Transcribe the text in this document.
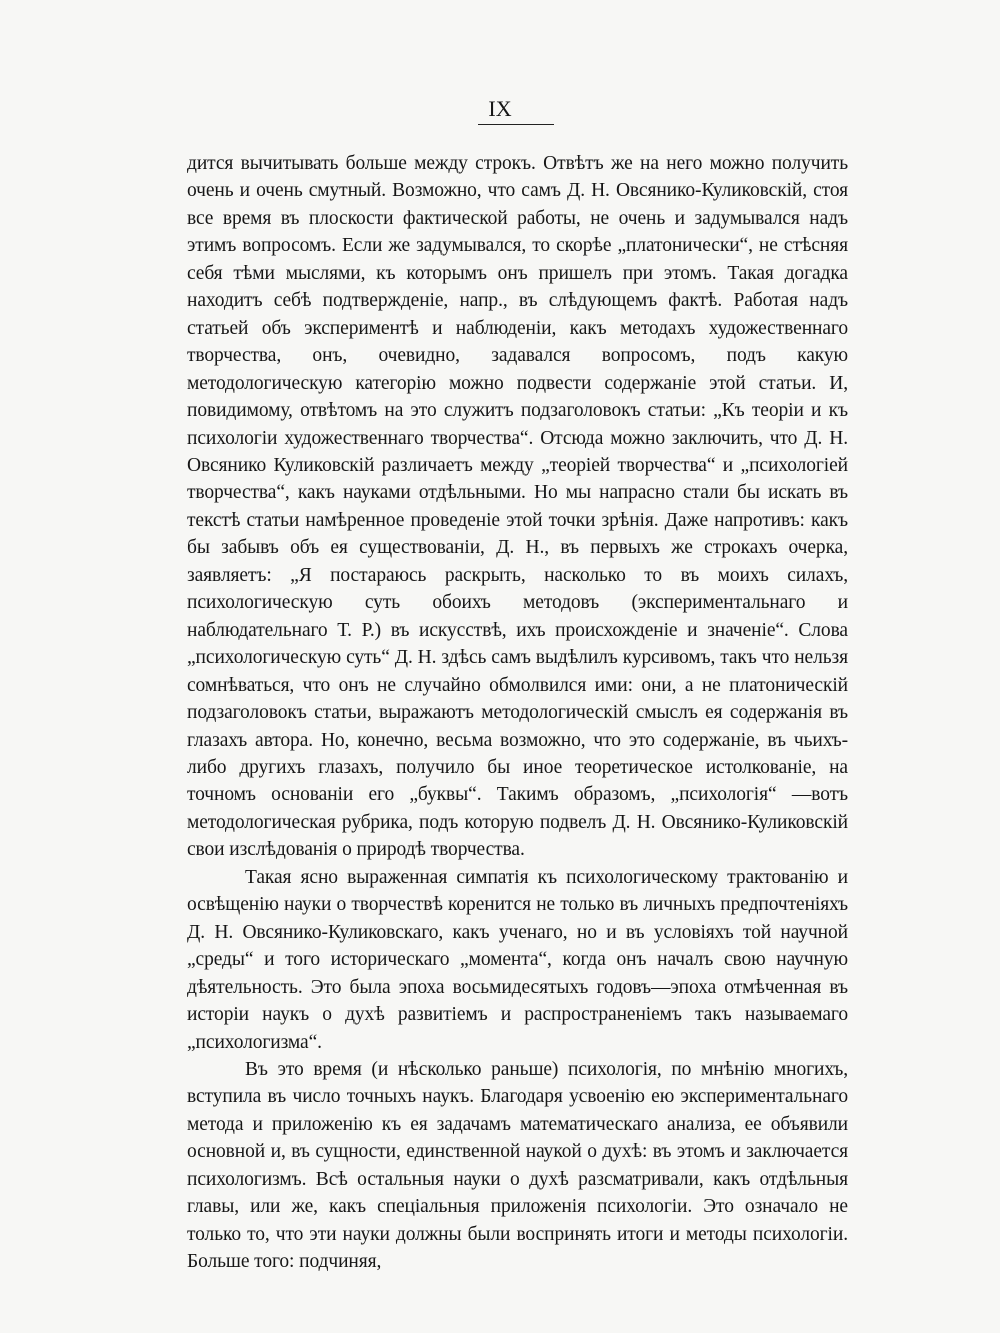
IX

дится вычитывать больше между строкъ. Отвѣтъ же на него можно получить очень и очень смутный. Возможно, что самъ Д. Н. Овсянико-Куликовскій, стоя все время въ плоскости фактической работы, не очень и задумывался надъ этимъ вопросомъ. Если же задумывался, то скорѣе „платонически“, не стѣсняя себя тѣми мыслями, къ которымъ онъ пришелъ при этомъ. Такая догадка находитъ себѣ подтвержденіе, напр., въ слѣдующемъ фактѣ. Работая надъ статьей объ экспериментѣ и наблюденіи, какъ методахъ художественнаго творчества, онъ, очевидно, задавался вопросомъ, подъ какую методологическую категорію можно подвести содержаніе этой статьи. И, повидимому, отвѣтомъ на это служитъ подзаголовокъ статьи: „Къ теоріи и къ психологіи художественнаго творчества“. Отсюда можно заключить, что Д. Н. Овсянико Куликовскій различаетъ между „теоріей творчества“ и „психологіей творчества“, какъ науками отдѣльными. Но мы напрасно стали бы искать въ текстѣ статьи намѣренное проведеніе этой точки зрѣнія. Даже напротивъ: какъ бы забывъ объ ея существованіи, Д. Н., въ первыхъ же строкахъ очерка, заявляетъ: „Я постараюсь раскрыть, насколько то въ моихъ силахъ, психологическую суть обоихъ методовъ (экспериментальнаго и наблюдательнаго Т. Р.) въ искусствѣ, ихъ происхожденіе и значеніе“. Слова „психологическую суть“ Д. Н. здѣсь самъ выдѣлилъ курсивомъ, такъ что нельзя сомнѣваться, что онъ не случайно обмолвился ими: они, а не платоническій подзаголовокъ статьи, выражаютъ методологическій смыслъ ея содержанія въ глазахъ автора. Но, конечно, весьма возможно, что это содержаніе, въ чьихъ-либо другихъ глазахъ, получило бы иное теоретическое истолкованіе, на точномъ основаніи его „буквы“. Такимъ образомъ, „психологія“ —вотъ методологическая рубрика, подъ которую подвелъ Д. Н. Овсянико-Куликовскій свои изслѣдованія о природѣ творчества.

Такая ясно выраженная симпатія къ психологическому трактованію и освѣщенію науки о творчествѣ коренится не только въ личныхъ предпочтеніяхъ Д. Н. Овсянико-Куликовскаго, какъ ученаго, но и въ условіяхъ той научной „среды“ и того историческаго „момента“, когда онъ началъ свою научную дѣятельность. Это была эпоха восьмидесятыхъ годовъ—эпоха отмѣченная въ исторіи наукъ о духѣ развитіемъ и распространеніемъ такъ называемаго „психологизма“.

Въ это время (и нѣсколько раньше) психологія, по мнѣнію многихъ, вступила въ число точныхъ наукъ. Благодаря усвоенію ею экспериментальнаго метода и приложенію къ ея задачамъ математическаго анализа, ее объявили основной и, въ сущности, единственной наукой о духѣ: въ этомъ и заключается психологизмъ. Всѣ остальныя науки о духѣ разсматривали, какъ отдѣльныя главы, или же, какъ спеціальныя приложенія психологіи. Это означало не только то, что эти науки должны были воспринять итоги и методы психологіи. Больше того: подчиняя,
